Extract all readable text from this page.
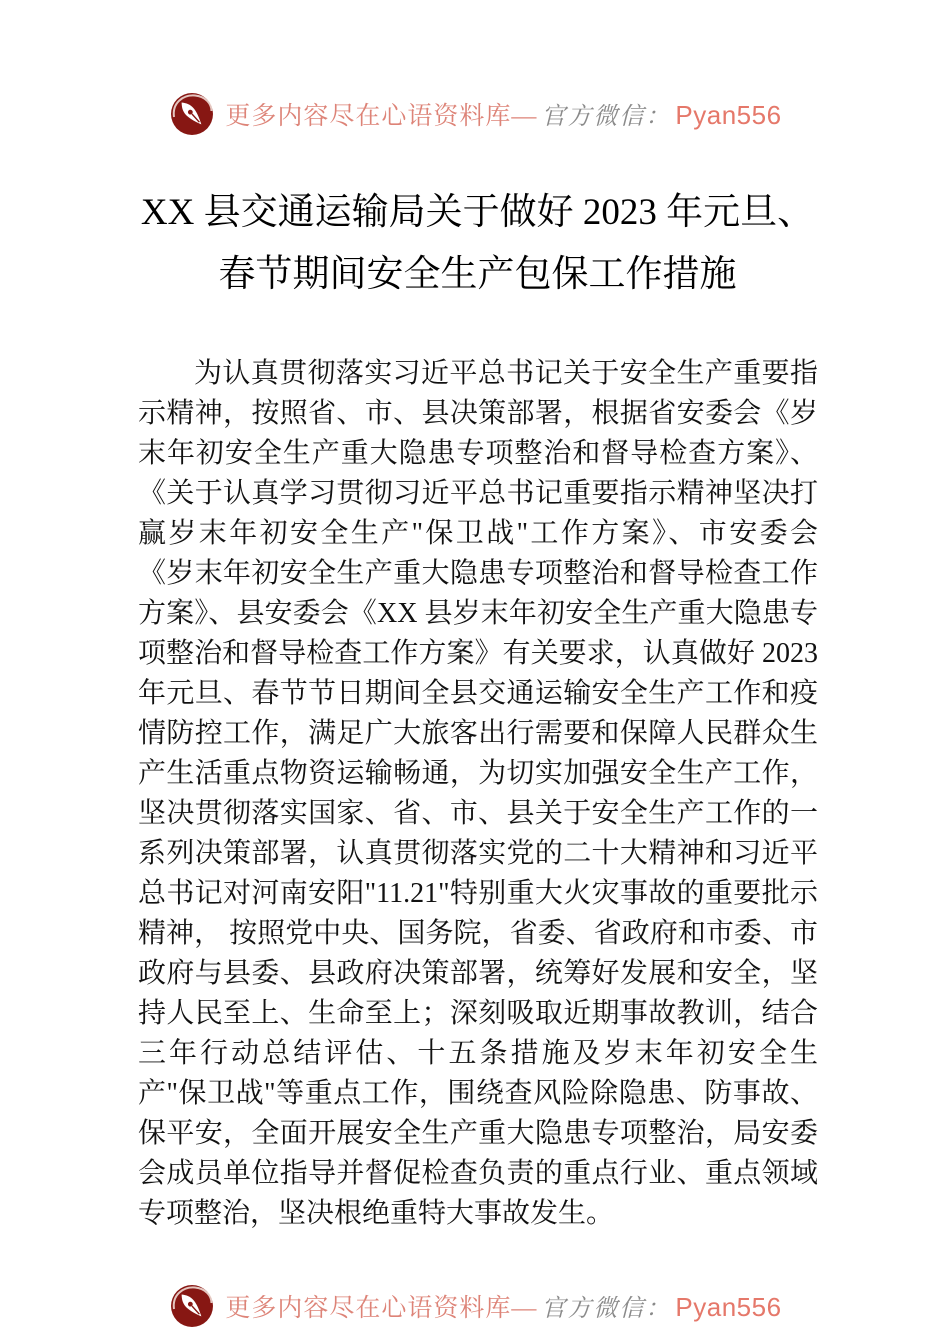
更多内容尽在心语资料库— 官方微信： Pyan556
XX 县交通运输局关于做好 2023 年元旦、
春节期间安全生产包保工作措施

为认真贯彻落实习近平总书记关于安全生产重要指示精神，按照省、市、县决策部署，根据省安委会《岁末年初安全生产重大隐患专项整治和督导检查方案》、《关于认真学习贯彻习近平总书记重要指示精神坚决打赢岁末年初安全生产"保卫战"工作方案》、市安委会《岁末年初安全生产重大隐患专项整治和督导检查工作方案》、县安委会《XX 县岁末年初安全生产重大隐患专项整治和督导检查工作方案》有关要求，认真做好 2023 年元旦、春节节日期间全县交通运输安全生产工作和疫情防控工作，满足广大旅客出行需要和保障人民群众生产生活重点物资运输畅通，为切实加强安全生产工作，坚决贯彻落实国家、省、市、县关于安全生产工作的一系列决策部署，认真贯彻落实党的二十大精神和习近平总书记对河南安阳"11.21"特别重大火灾事故的重要批示精神， 按照党中央、国务院，省委、省政府和市委、市政府与县委、县政府决策部署，统筹好发展和安全，坚持人民至上、生命至上；深刻吸取近期事故教训，结合三年行动总结评估、十五条措施及岁末年初安全生产"保卫战"等重点工作，围绕查风险除隐患、防事故、保平安，全面开展安全生产重大隐患专项整治，局安委会成员单位指导并督促检查负责的重点行业、重点领域专项整治，坚决根绝重特大事故发生。

更多内容尽在心语资料库— 官方微信： Pyan556
